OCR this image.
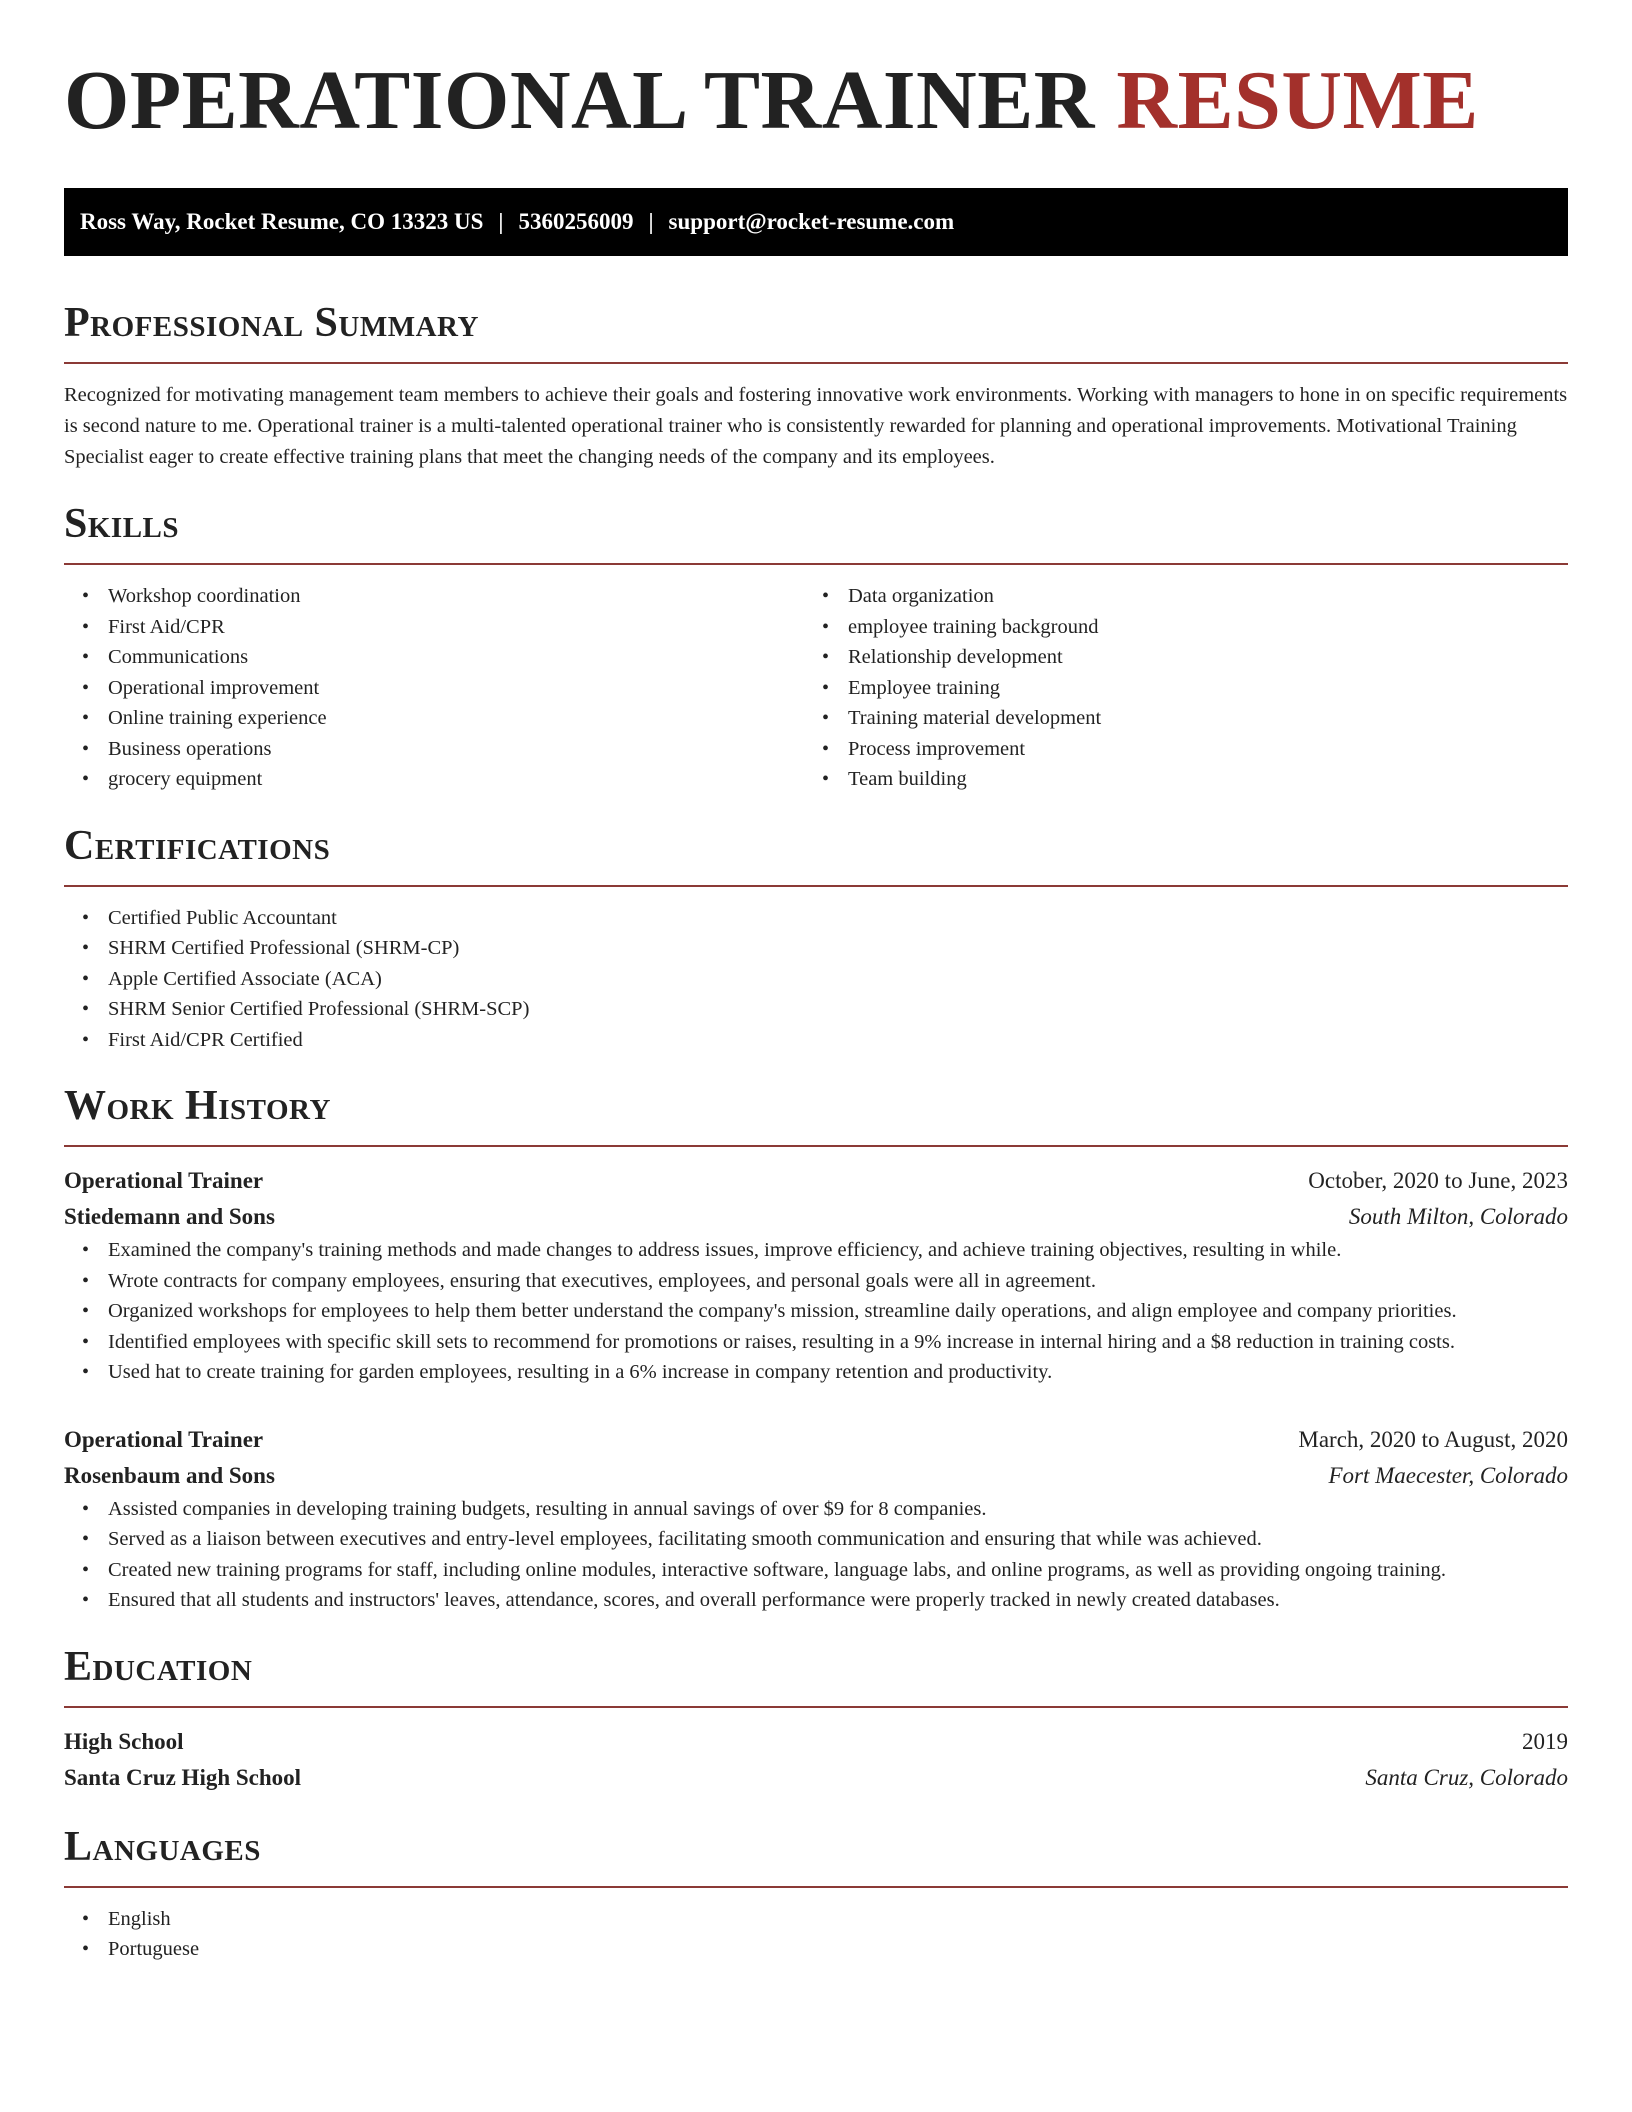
OPERATIONAL TRAINER RESUME
Ross Way, Rocket Resume, CO 13323 US | 5360256009 | support@rocket-resume.com
Professional Summary

Recognized for motivating management team members to achieve their goals and fostering innovative work environments. Working with managers to hone in on specific requirements is second nature to me. Operational trainer is a multi-talented operational trainer who is consistently rewarded for planning and operational improvements. Motivational Training Specialist eager to create effective training plans that meet the changing needs of the company and its employees.

Skills
• Workshop coordination
• First Aid/CPR
• Communications
• Operational improvement
• Online training experience
• Business operations
• grocery equipment
• Data organization
• employee training background
• Relationship development
• Employee training
• Training material development
• Process improvement
• Team building
Certifications
• Certified Public Accountant
• SHRM Certified Professional (SHRM-CP)
• Apple Certified Associate (ACA)
• SHRM Senior Certified Professional (SHRM-SCP)
• First Aid/CPR Certified
Work History
Operational Trainer	October, 2020 to June, 2023
Stiedemann and Sons	South Milton, Colorado
• Examined the company's training methods and made changes to address issues, improve efficiency, and achieve training objectives, resulting in while.
• Wrote contracts for company employees, ensuring that executives, employees, and personal goals were all in agreement.
• Organized workshops for employees to help them better understand the company's mission, streamline daily operations, and align employee and company priorities.
• Identified employees with specific skill sets to recommend for promotions or raises, resulting in a 9% increase in internal hiring and a $8 reduction in training costs.
• Used hat to create training for garden employees, resulting in a 6% increase in company retention and productivity.
Operational Trainer	March, 2020 to August, 2020
Rosenbaum and Sons	Fort Maecester, Colorado
• Assisted companies in developing training budgets, resulting in annual savings of over $9 for 8 companies.
• Served as a liaison between executives and entry-level employees, facilitating smooth communication and ensuring that while was achieved.
• Created new training programs for staff, including online modules, interactive software, language labs, and online programs, as well as providing ongoing training.
• Ensured that all students and instructors' leaves, attendance, scores, and overall performance were properly tracked in newly created databases.
Education
High School	2019
Santa Cruz High School	Santa Cruz, Colorado
Languages
• English
• Portuguese
